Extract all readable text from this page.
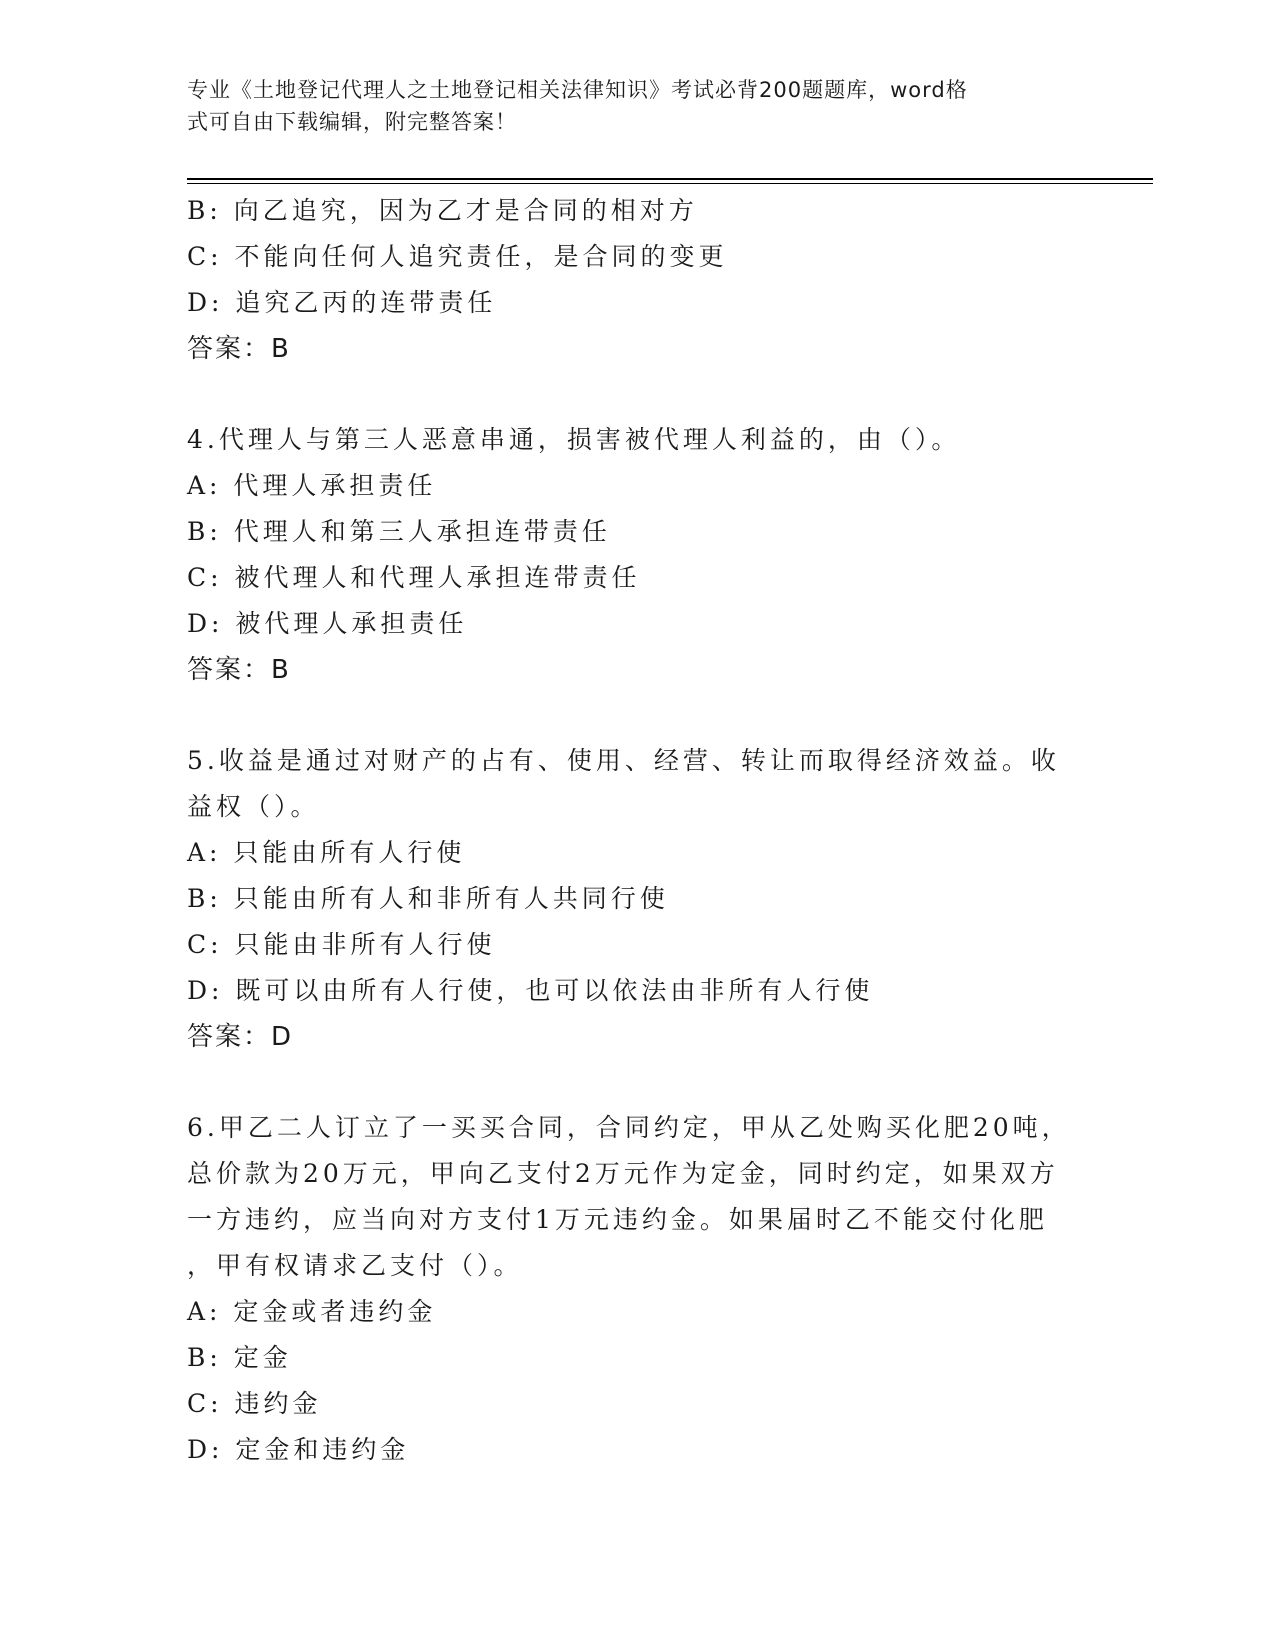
专业《土地登记代理人之土地登记相关法律知识》考试必背200题题库，word格
式可自由下载编辑，附完整答案！
B: 向乙追究，因为乙才是合同的相对方
C: 不能向任何人追究责任，是合同的变更
D: 追究乙丙的连带责任
答案：B
4.代理人与第三人恶意串通，损害被代理人利益的，由（）。
A: 代理人承担责任
B: 代理人和第三人承担连带责任
C: 被代理人和代理人承担连带责任
D: 被代理人承担责任
答案：B
5.收益是通过对财产的占有、使用、经营、转让而取得经济效益。收
益权（）。
A: 只能由所有人行使
B: 只能由所有人和非所有人共同行使
C: 只能由非所有人行使
D: 既可以由所有人行使，也可以依法由非所有人行使
答案：D
6.甲乙二人订立了一买买合同，合同约定，甲从乙处购买化肥20吨，
总价款为20万元，甲向乙支付2万元作为定金，同时约定，如果双方
一方违约，应当向对方支付1万元违约金。如果届时乙不能交付化肥
，甲有权请求乙支付（）。
A: 定金或者违约金
B: 定金
C: 违约金
D: 定金和违约金
